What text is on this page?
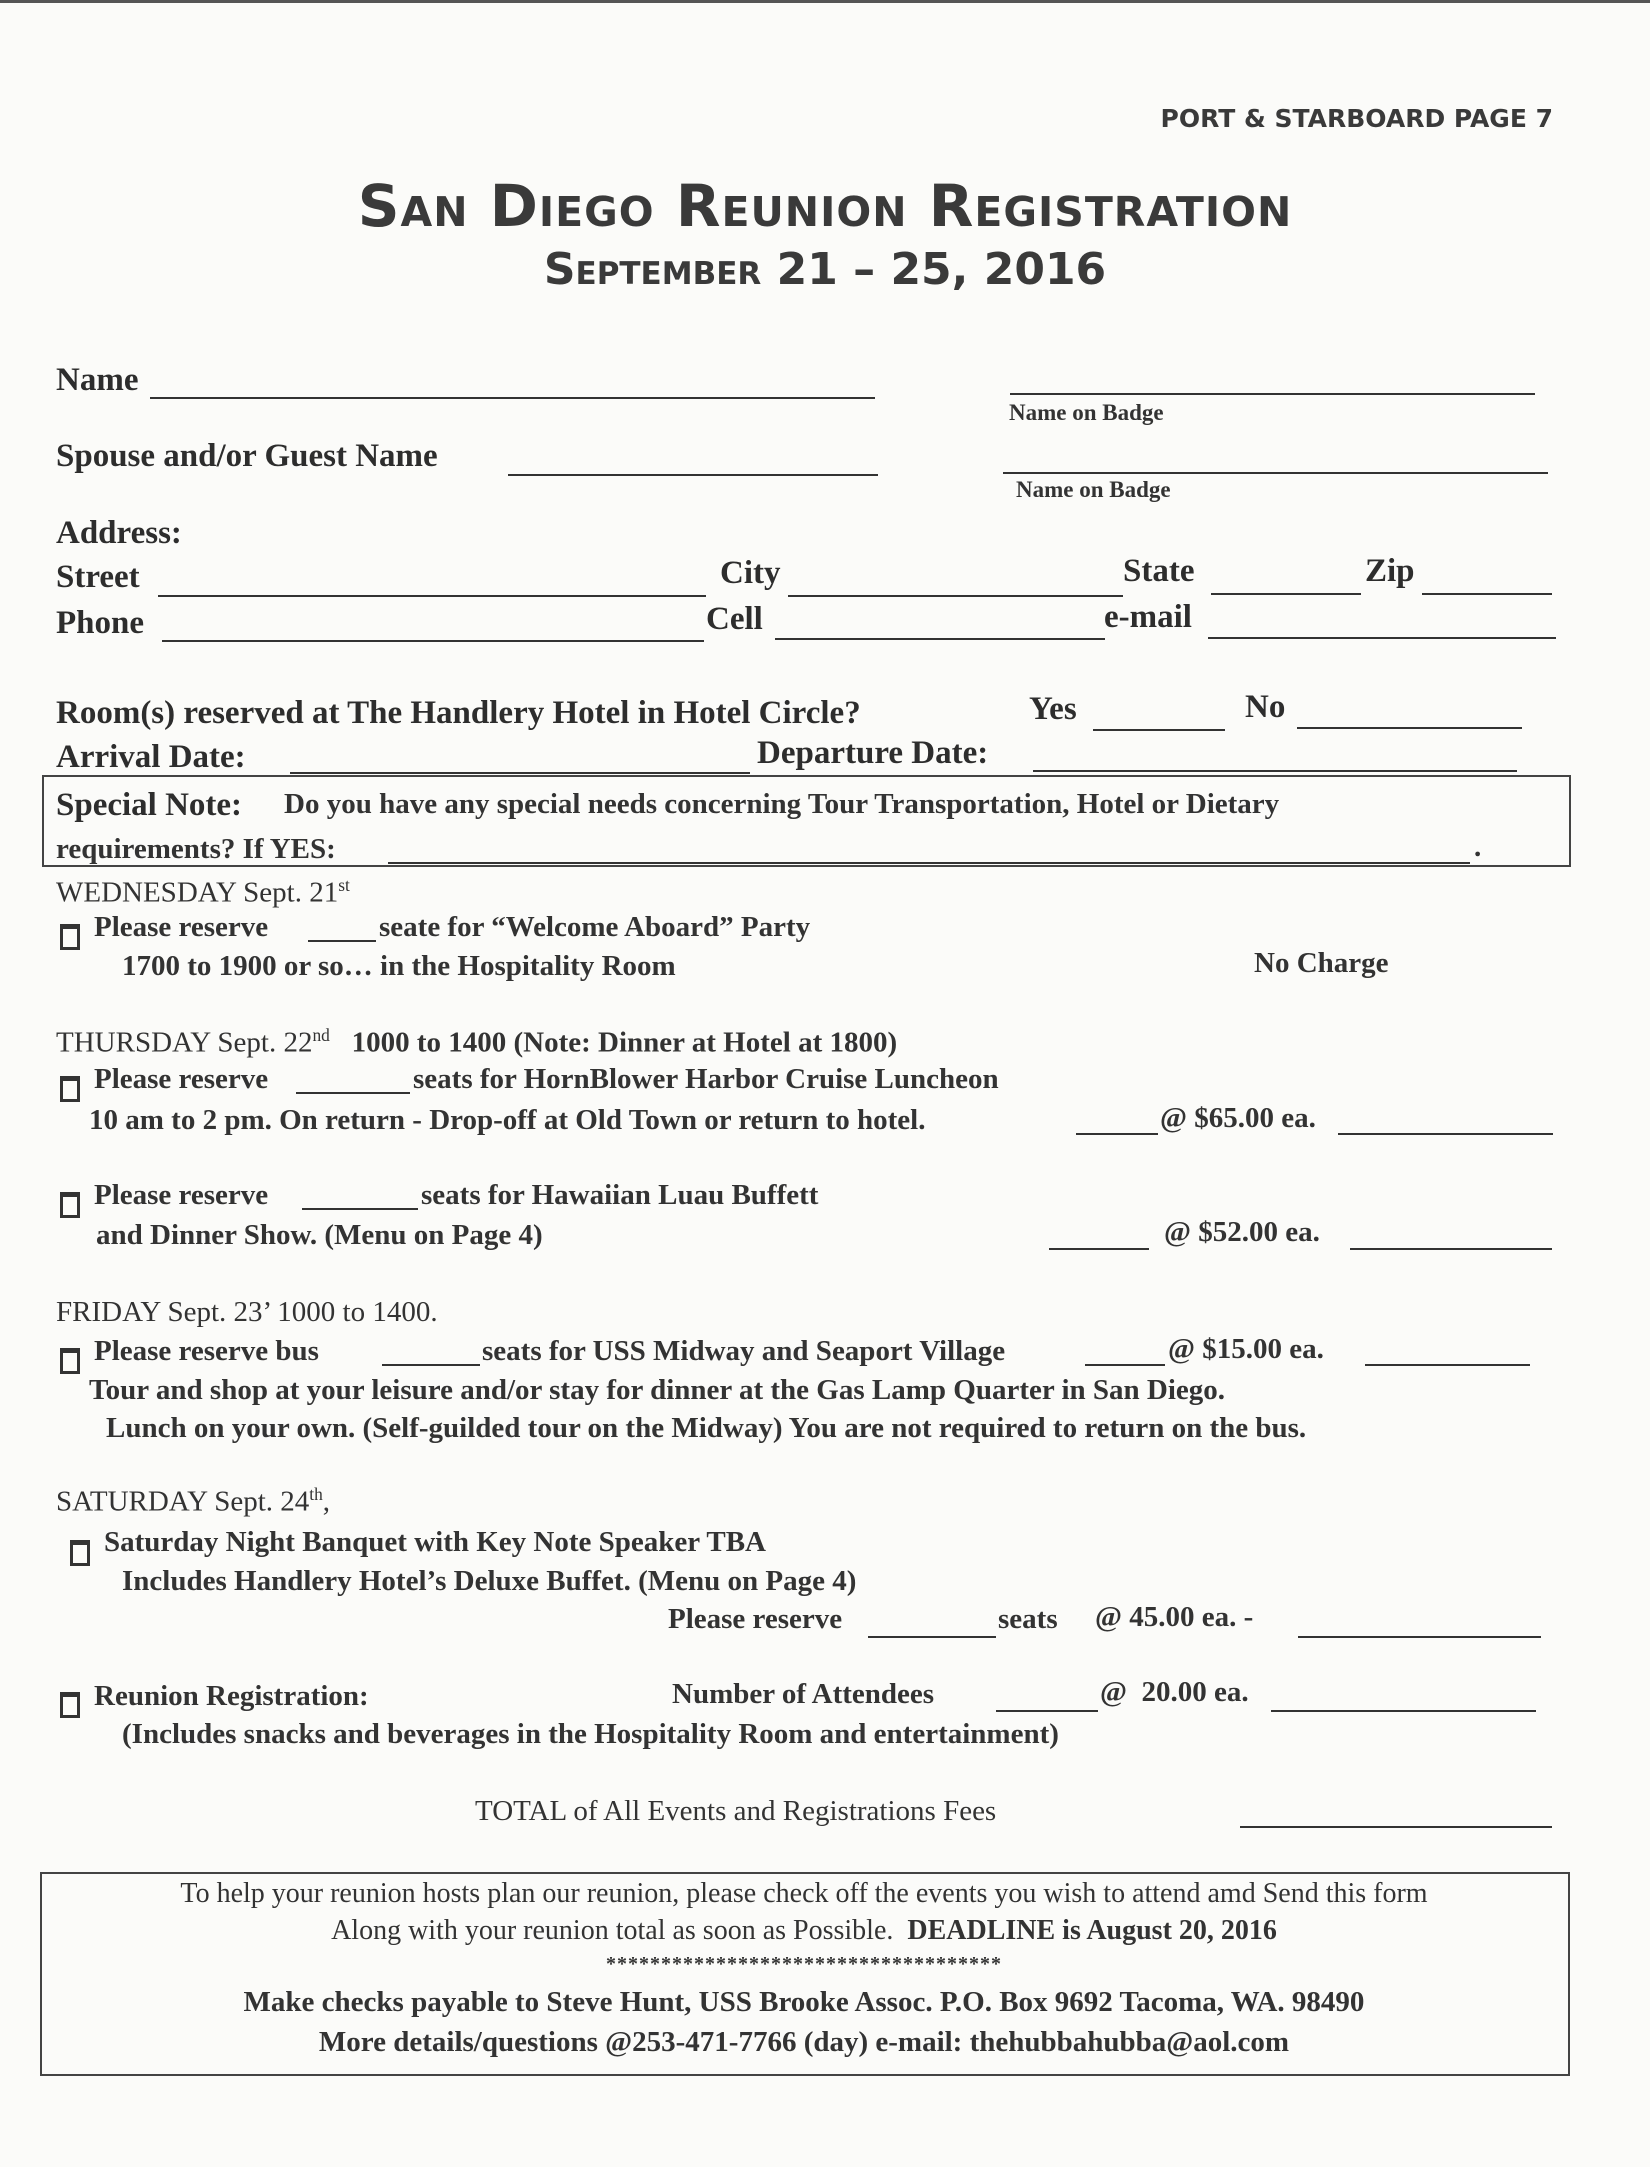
PORT & STARBOARD PAGE 7
San Diego Reunion Registration
September 21 – 25, 2016
Name
Name on Badge
Spouse and/or Guest Name
Name on Badge
Address:
Street	City	State	Zip
Phone	Cell	e-mail
Room(s) reserved at The Handlery Hotel in Hotel Circle?	Yes	No
Arrival Date:	Departure Date:
Special Note: Do you have any special needs concerning Tour Transportation, Hotel or Dietary
requirements? If YES:	.
WEDNESDAY Sept. 21st
Please reserve	seate for “Welcome Aboard” Party
1700 to 1900 or so… in the Hospitality Room	No Charge
THURSDAY Sept. 22nd 1000 to 1400 (Note: Dinner at Hotel at 1800)
Please reserve	seats for HornBlower Harbor Cruise Luncheon
10 am to 2 pm. On return - Drop-off at Old Town or return to hotel.	@ $65.00 ea.
Please reserve	seats for Hawaiian Luau Buffett
and Dinner Show. (Menu on Page 4)	@ $52.00 ea.
FRIDAY Sept. 23’ 1000 to 1400.
Please reserve bus	seats for USS Midway and Seaport Village	@ $15.00 ea.
Tour and shop at your leisure and/or stay for dinner at the Gas Lamp Quarter in San Diego.
Lunch on your own. (Self-guilded tour on the Midway) You are not required to return on the bus.
SATURDAY Sept. 24th,
Saturday Night Banquet with Key Note Speaker TBA
Includes Handlery Hotel’s Deluxe Buffet. (Menu on Page 4)
Please reserve	seats @ 45.00 ea. -
Reunion Registration:	Number of Attendees	@  20.00 ea.
(Includes snacks and beverages in the Hospitality Room and entertainment)
TOTAL of All Events and Registrations Fees
To help your reunion hosts plan our reunion, please check off the events you wish to attend amd Send this form
Along with your reunion total as soon as Possible. DEADLINE is August 20, 2016
************************************
Make checks payable to Steve Hunt, USS Brooke Assoc. P.O. Box 9692 Tacoma, WA. 98490
More details/questions @253-471-7766 (day) e-mail: thehubbahubba@aol.com
